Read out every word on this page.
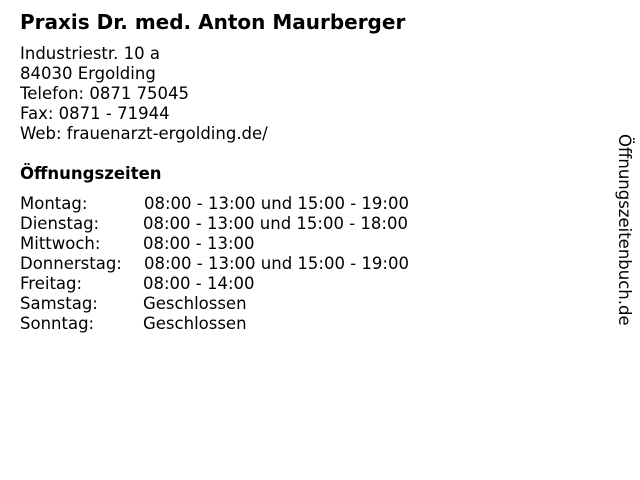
Praxis Dr. med. Anton Maurberger
Industriestr. 10 a
84030 Ergolding
Telefon: 0871 75045
Fax: 0871 - 71944
Web: frauenarzt-ergolding.de/
Öffnungszeiten
Montag:	08:00 - 13:00 und 15:00 - 19:00
Dienstag:	08:00 - 13:00 und 15:00 - 18:00
Mittwoch:	08:00 - 13:00
Donnerstag: 08:00 - 13:00 und 15:00 - 19:00
Freitag:	08:00 - 14:00
Samstag:	Geschlossen
Sonntag:	Geschlossen	Öffnungszeitenbuch.de
